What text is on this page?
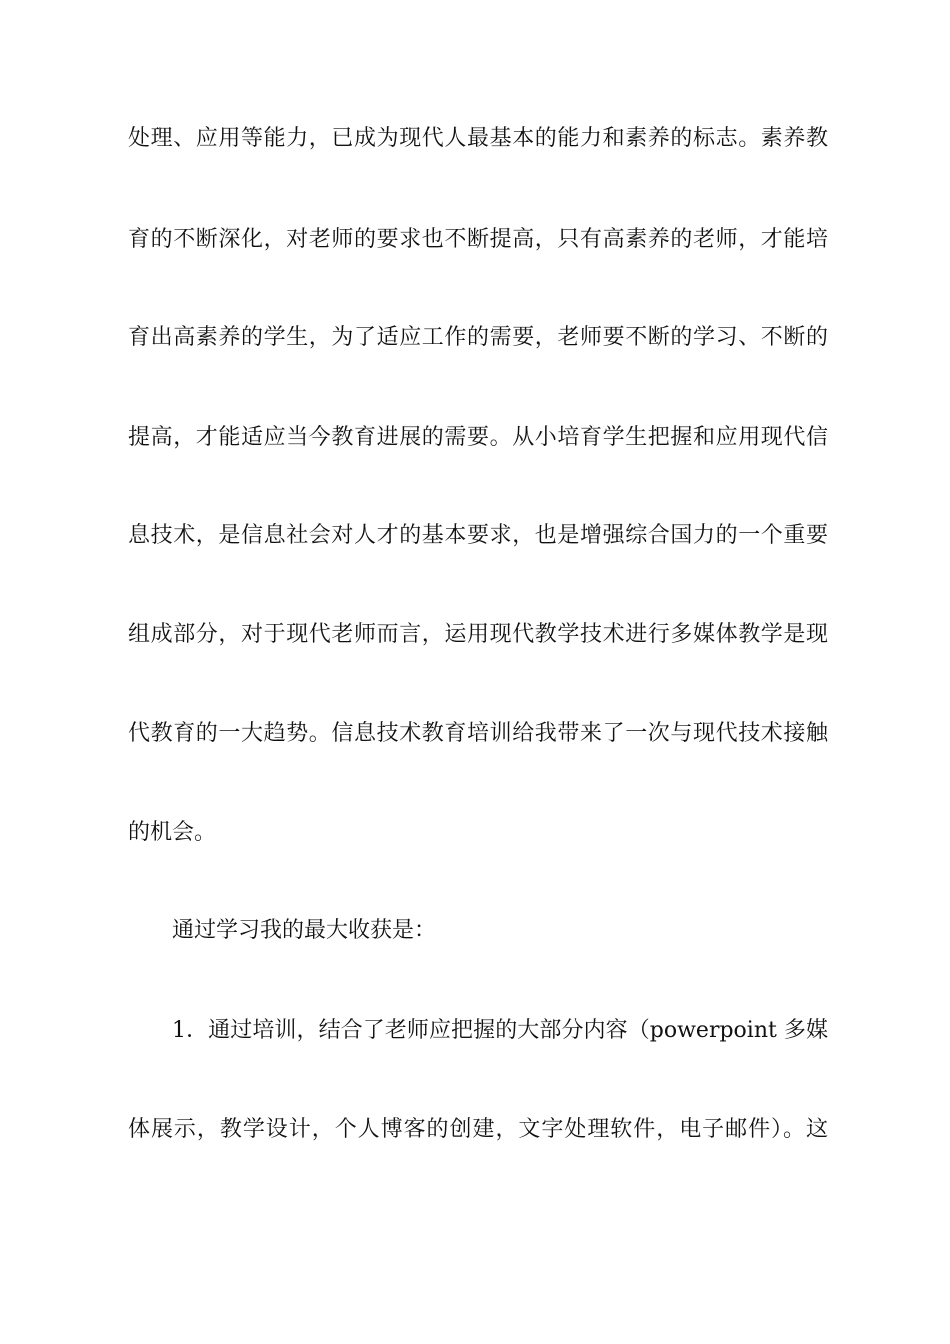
处理、应用等能力，已成为现代人最基本的能力和素养的标志。素养教
育的不断深化，对老师的要求也不断提高，只有高素养的老师，才能培
育出高素养的学生，为了适应工作的需要，老师要不断的学习、不断的
提高，才能适应当今教育进展的需要。从小培育学生把握和应用现代信
息技术，是信息社会对人才的基本要求，也是增强综合国力的一个重要
组成部分，对于现代老师而言，运用现代教学技术进行多媒体教学是现
代教育的一大趋势。信息技术教育培训给我带来了一次与现代技术接触
的机会。
通过学习我的最大收获是：
1．通过培训，结合了老师应把握的大部分内容（powerpoint 多媒
体展示，教学设计，个人博客的创建，文字处理软件，电子邮件）。这
